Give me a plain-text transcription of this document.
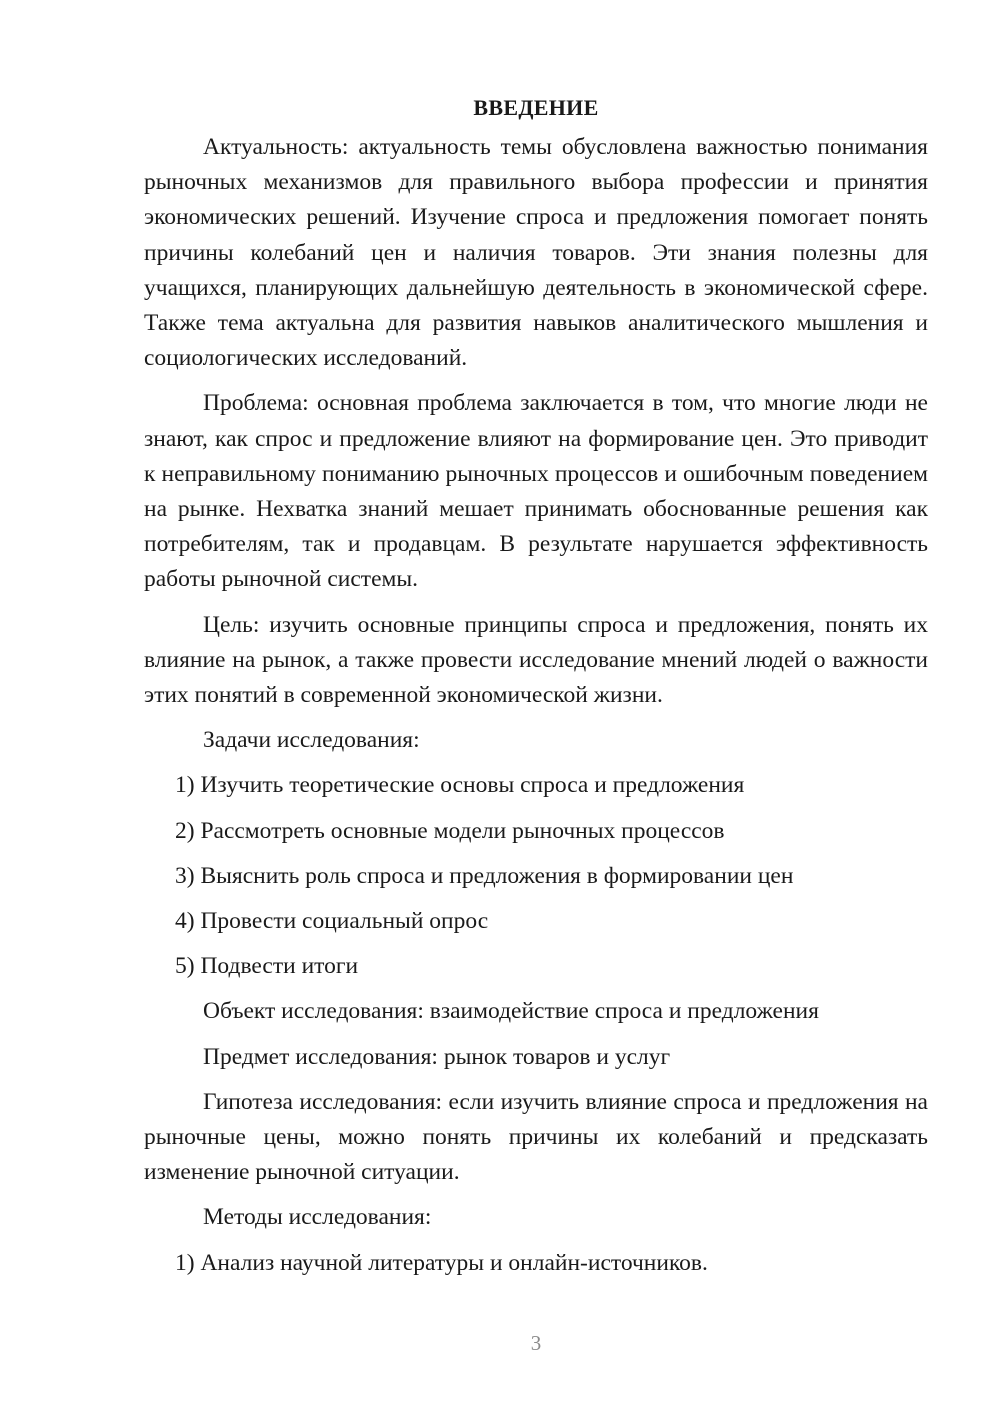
ВВЕДЕНИЕ

Актуальность: актуальность темы обусловлена важностью понимания рыночных механизмов для правильного выбора профессии и принятия экономических решений. Изучение спроса и предложения помогает понять причины колебаний цен и наличия товаров. Эти знания полезны для учащихся, планирующих дальнейшую деятельность в экономической сфере. Также тема актуальна для развития навыков аналитического мышления и социологических исследований.

Проблема: основная проблема заключается в том, что многие люди не знают, как спрос и предложение влияют на формирование цен. Это приводит к неправильному пониманию рыночных процессов и ошибочным поведением на рынке. Нехватка знаний мешает принимать обоснованные решения как потребителям, так и продавцам. В результате нарушается эффективность работы рыночной системы.

Цель: изучить основные принципы спроса и предложения, понять их влияние на рынок, а также провести исследование мнений людей о важности этих понятий в современной экономической жизни.

Задачи исследования:

1) Изучить теоретические основы спроса и предложения

2) Рассмотреть основные модели рыночных процессов

3) Выяснить роль спроса и предложения в формировании цен

4) Провести социальный опрос

5) Подвести итоги

Объект исследования: взаимодействие спроса и предложения

Предмет исследования: рынок товаров и услуг

Гипотеза исследования: если изучить влияние спроса и предложения на рыночные цены, можно понять причины их колебаний и предсказать изменение рыночной ситуации.

Методы исследования:

1) Анализ научной литературы и онлайн-источников.

3
